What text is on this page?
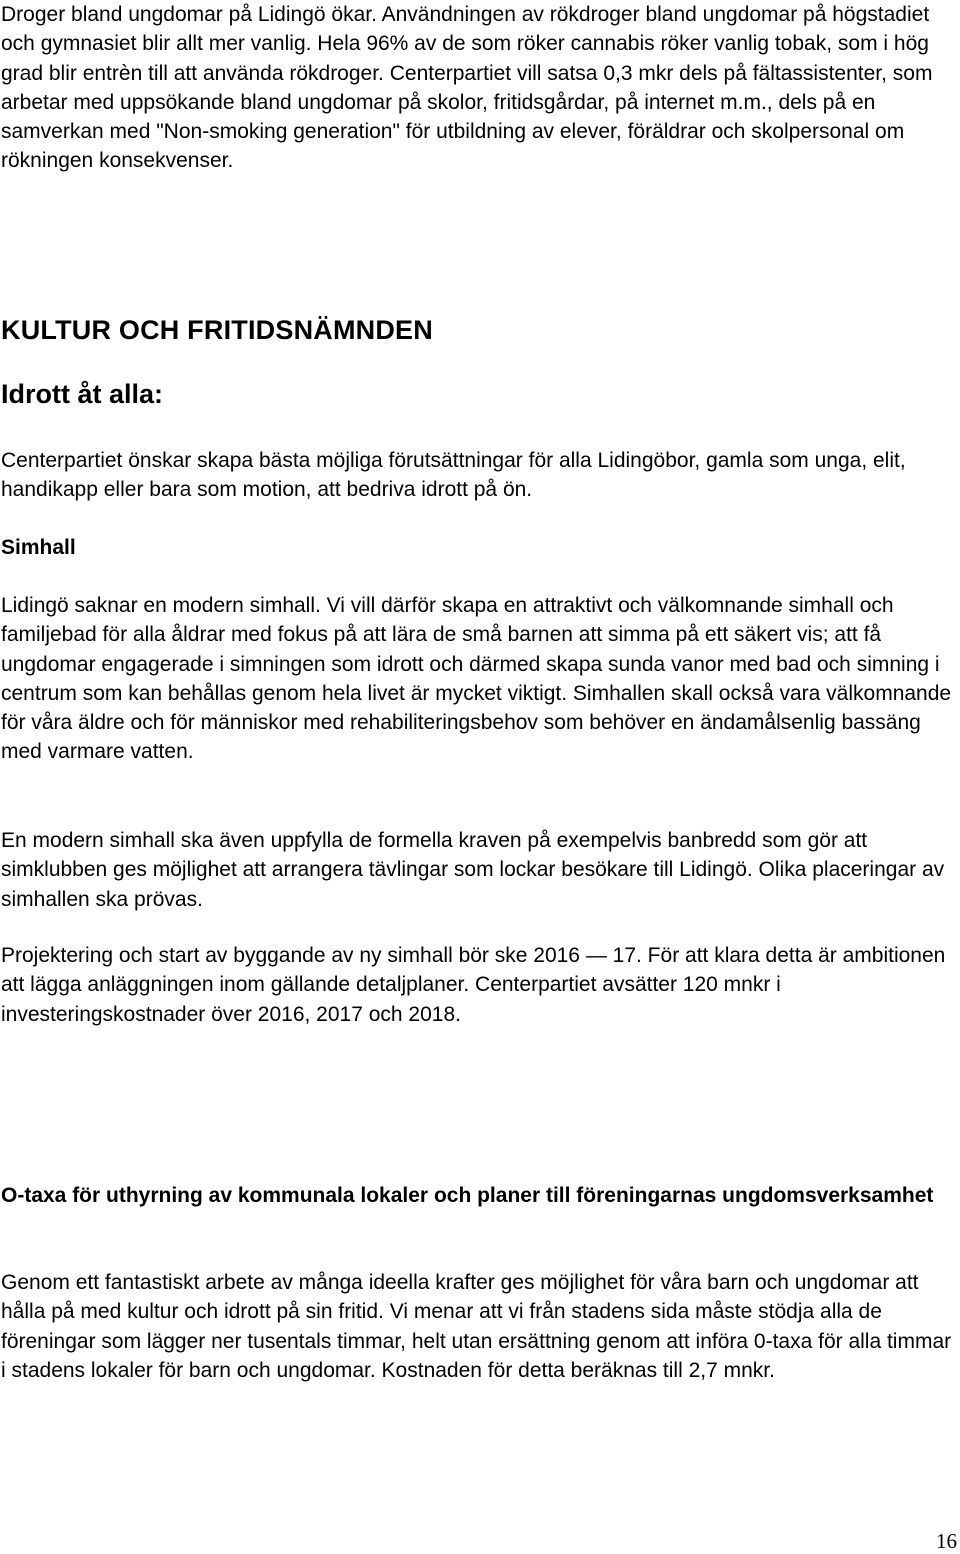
Droger bland ungdomar på Lidingö ökar. Användningen av rökdroger bland ungdomar på högstadiet och gymnasiet blir allt mer vanlig. Hela 96% av de som röker cannabis röker vanlig tobak, som i hög grad blir entrèn till att använda rökdroger. Centerpartiet vill satsa 0,3 mkr dels på fältassistenter, som arbetar med uppsökande bland ungdomar på skolor, fritidsgårdar, på internet m.m., dels på en samverkan med "Non-smoking generation" för utbildning av elever, föräldrar och skolpersonal om rökningen konsekvenser.

KULTUR OCH FRITIDSNÄMNDEN
Idrott åt alla:

Centerpartiet önskar skapa bästa möjliga förutsättningar för alla Lidingöbor, gamla som unga, elit, handikapp eller bara som motion, att bedriva idrott på ön.

Simhall

Lidingö saknar en modern simhall. Vi vill därför skapa en attraktivt och välkomnande simhall och familjebad för alla åldrar med fokus på att lära de små barnen att simma på ett säkert vis; att få ungdomar engagerade i simningen som idrott och därmed skapa sunda vanor med bad och simning i centrum som kan behållas genom hela livet är mycket viktigt. Simhallen skall också vara välkomnande för våra äldre och för människor med rehabiliteringsbehov som behöver en ändamålsenlig bassäng med varmare vatten.

En modern simhall ska även uppfylla de formella kraven på exempelvis banbredd som gör att simklubben ges möjlighet att arrangera tävlingar som lockar besökare till Lidingö. Olika placeringar av simhallen ska prövas.

Projektering och start av byggande av ny simhall bör ske 2016 — 17. För att klara detta är ambitionen att lägga anläggningen inom gällande detaljplaner. Centerpartiet avsätter 120 mnkr i investeringskostnader över 2016, 2017 och 2018.

O-taxa för uthyrning av kommunala lokaler och planer till föreningarnas ungdomsverksamhet

Genom ett fantastiskt arbete av många ideella krafter ges möjlighet för våra barn och ungdomar att hålla på med kultur och idrott på sin fritid. Vi menar att vi från stadens sida måste stödja alla de föreningar som lägger ner tusentals timmar, helt utan ersättning genom att införa 0-taxa för alla timmar i stadens lokaler för barn och ungdomar. Kostnaden för detta beräknas till 2,7 mnkr.

16
